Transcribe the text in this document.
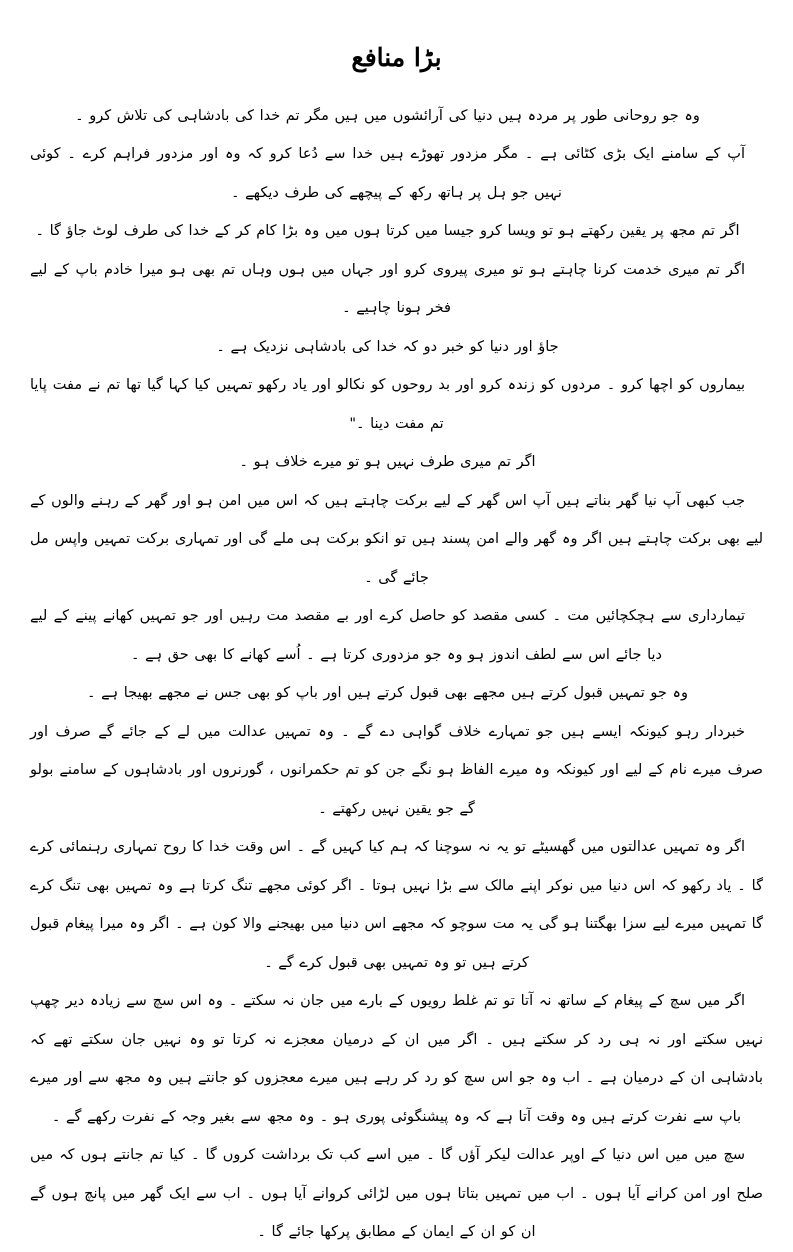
بڑا منافع

وہ جو روحانی طور پر مردہ ہیں دنیا کی آرائشوں میں ہیں مگر تم خدا کی بادشاہی کی تلاش کرو ۔

آپ کے سامنے ایک بڑی کٹائی ہے ۔ مگر مزدور تھوڑے ہیں خدا سے دُعا کرو کہ وہ اور مزدور فراہم کرے ۔ کوئی نہیں جو ہل پر ہاتھ رکھ کے پیچھے کی طرف دیکھے ۔

اگر تم مجھ پر یقین رکھتے ہو تو ویسا کرو جیسا میں کرتا ہوں میں وہ بڑا کام کر کے خدا کی طرف لوٹ جاؤ گا ۔

اگر تم میری خدمت کرنا چاہتے ہو تو میری پیروی کرو اور جہاں میں ہوں وہاں تم بھی ہو میرا خادم باپ کے لیے فخر ہونا چاہیے ۔

جاؤ اور دنیا کو خبر دو کہ خدا کی بادشاہی نزدیک ہے ۔

بیماروں کو اچھا کرو ۔ مردوں کو زندہ کرو اور بد روحوں کو نکالو اور یاد رکھو تمہیں کیا کہا گیا تھا تم نے مفت پایا تم مفت دینا ۔"

اگر تم میری طرف نہیں ہو تو میرے خلاف ہو ۔

جب کبھی آپ نیا گھر بناتے ہیں آپ اس گھر کے لیے برکت چاہتے ہیں کہ اس میں امن ہو اور گھر کے رہنے والوں کے لیے بھی برکت چاہتے ہیں اگر وہ گھر والے امن پسند ہیں تو انکو برکت ہی ملے گی اور تمہاری برکت تمہیں واپس مل جائے گی ۔

تیمارداری سے ہچکچائیں مت ۔ کسی مقصد کو حاصل کرے اور بے مقصد مت رہیں اور جو تمہیں کھانے پینے کے لیے دیا جائے اس سے لطف اندوز ہو وہ جو مزدوری کرتا ہے ۔ اُسے کھانے کا بھی حق ہے ۔

وہ جو تمہیں قبول کرتے ہیں مجھے بھی قبول کرتے ہیں اور باپ کو بھی جس نے مجھے بھیجا ہے ۔

خبردار رہو کیونکہ ایسے ہیں جو تمہارے خلاف گواہی دے گے ۔ وہ تمہیں عدالت میں لے کے جائے گے صرف اور صرف میرے نام کے لیے اور کیونکہ وہ میرے الفاظ ہو نگے جن کو تم حکمرانوں ، گورنروں اور بادشاہوں کے سامنے بولو گے جو یقین نہیں رکھتے ۔

اگر وہ تمہیں عدالتوں میں گھسیٹے تو یہ نہ سوچنا کہ ہم کیا کہیں گے ۔ اس وقت خدا کا روح تمہاری رہنمائی کرے گا ۔ یاد رکھو کہ اس دنیا میں نوکر اپنے مالک سے بڑا نہیں ہوتا ۔ اگر کوئی مجھے تنگ کرتا ہے وہ تمہیں بھی تنگ کرے گا تمہیں میرے لیے سزا بھگتنا ہو گی یہ مت سوچو کہ مجھے اس دنیا میں بھیجنے والا کون ہے ۔ اگر وہ میرا پیغام قبول کرتے ہیں تو وہ تمہیں بھی قبول کرے گے ۔

اگر میں سچ کے پیغام کے ساتھ نہ آتا تو تم غلط رویوں کے بارے میں جان نہ سکتے ۔ وہ اس سچ سے زیادہ دیر چھپ نہیں سکتے اور نہ ہی رد کر سکتے ہیں ۔ اگر میں ان کے درمیان معجزے نہ کرتا تو وہ نہیں جان سکتے تھے کہ بادشاہی ان کے درمیان ہے ۔ اب وہ جو اس سچ کو رد کر رہے ہیں میرے معجزوں کو جانتے ہیں وہ مجھ سے اور میرے باپ سے نفرت کرتے ہیں وہ وقت آتا ہے کہ وہ پیشنگوئی پوری ہو ۔ وہ مجھ سے بغیر وجہ کے نفرت رکھے گے ۔

سچ میں میں اس دنیا کے اوپر عدالت لیکر آؤں گا ۔ میں اسے کب تک برداشت کروں گا ۔ کیا تم جانتے ہوں کہ میں صلح اور امن کرانے آیا ہوں ۔ اب میں تمہیں بتاتا ہوں میں لڑائی کروانے آیا ہوں ۔ اب سے ایک گھر میں پانچ ہوں گے ان کو ان کے ایمان کے مطابق پرکھا جائے گا ۔
